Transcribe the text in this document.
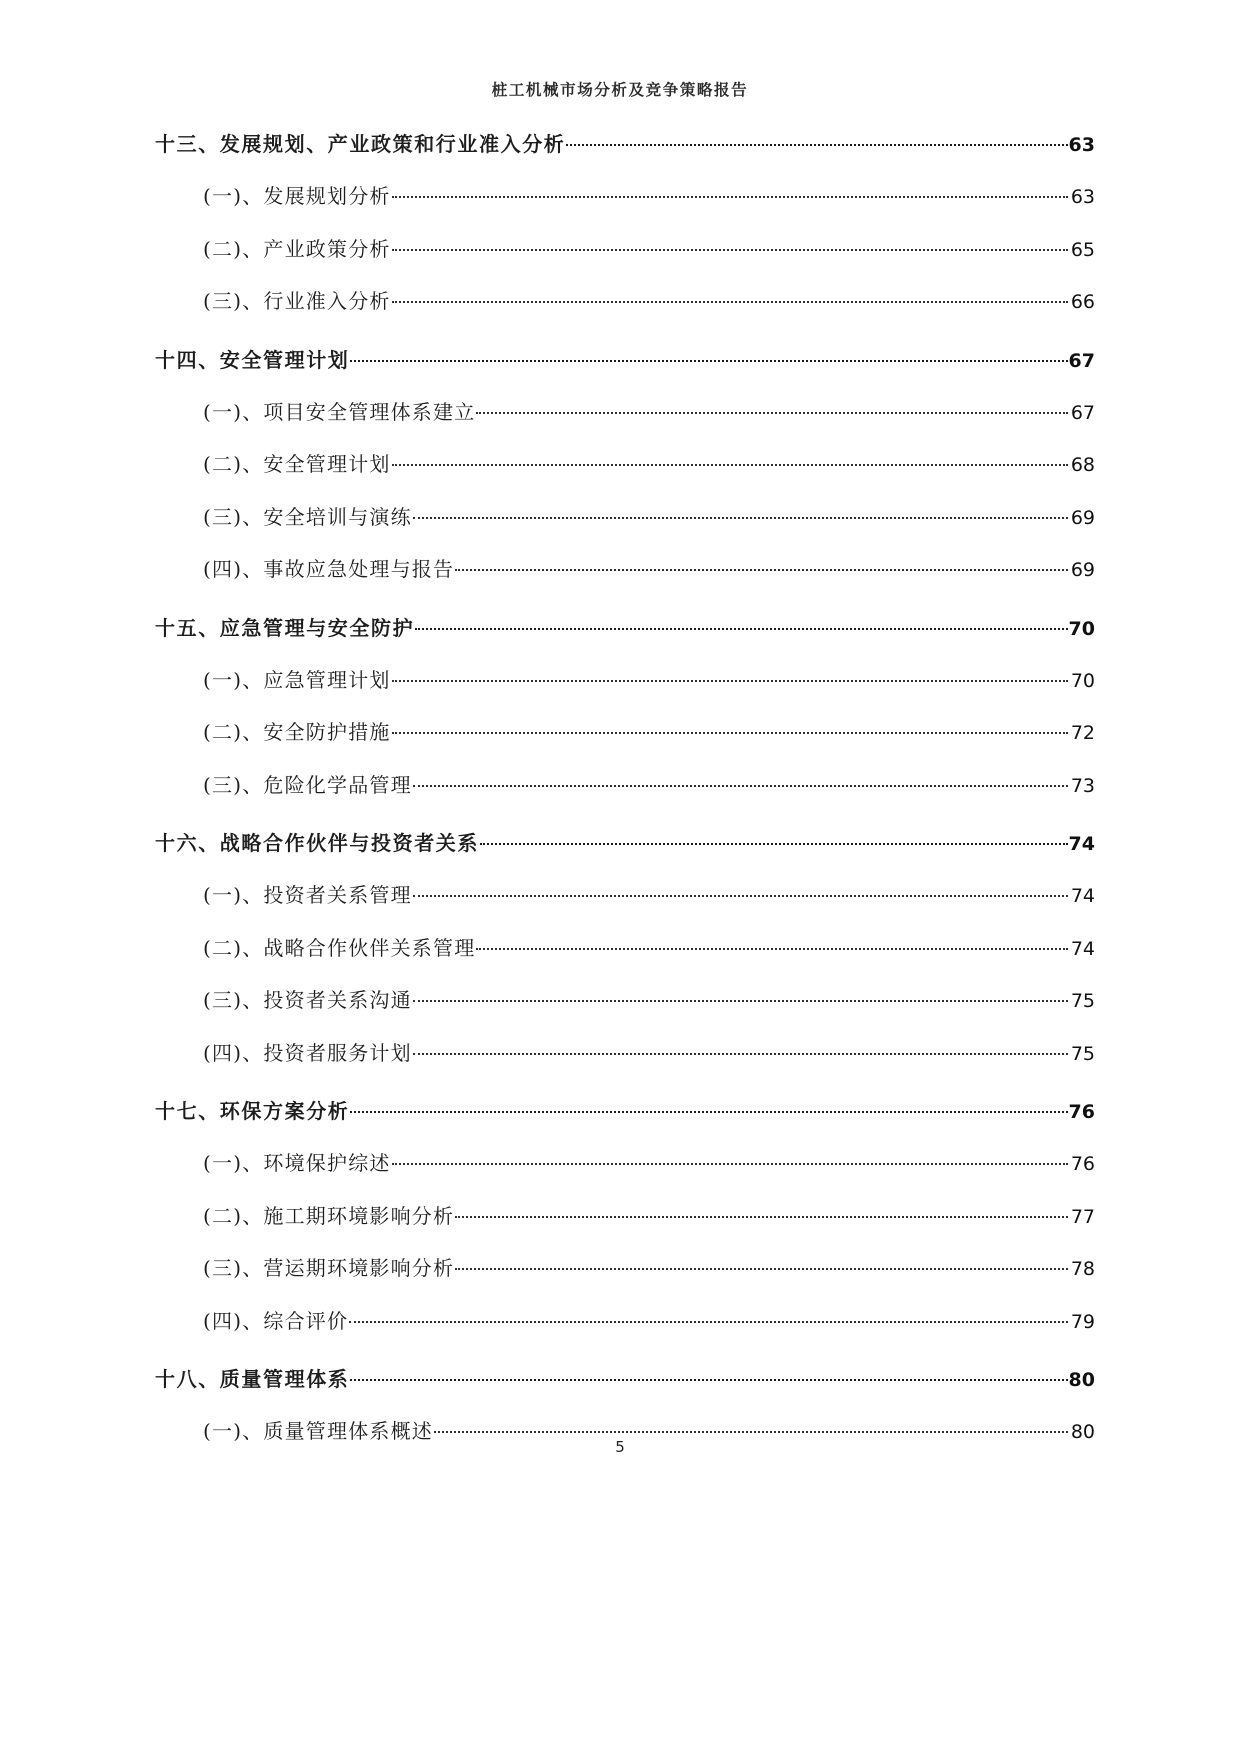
桩工机械市场分析及竞争策略报告
十三、发展规划、产业政策和行业准入分析	63
(一)、发展规划分析	63
(二)、产业政策分析	65
(三)、行业准入分析	66
十四、安全管理计划	67
(一)、项目安全管理体系建立	67
(二)、安全管理计划	68
(三)、安全培训与演练	69
(四)、事故应急处理与报告	69
十五、应急管理与安全防护	70
(一)、应急管理计划	70
(二)、安全防护措施	72
(三)、危险化学品管理	73
十六、战略合作伙伴与投资者关系	74
(一)、投资者关系管理	74
(二)、战略合作伙伴关系管理	74
(三)、投资者关系沟通	75
(四)、投资者服务计划	75
十七、环保方案分析	76
(一)、环境保护综述	76
(二)、施工期环境影响分析	77
(三)、营运期环境影响分析	78
(四)、综合评价	79
十八、质量管理体系	80
(一)、质量管理体系概述	80
5
